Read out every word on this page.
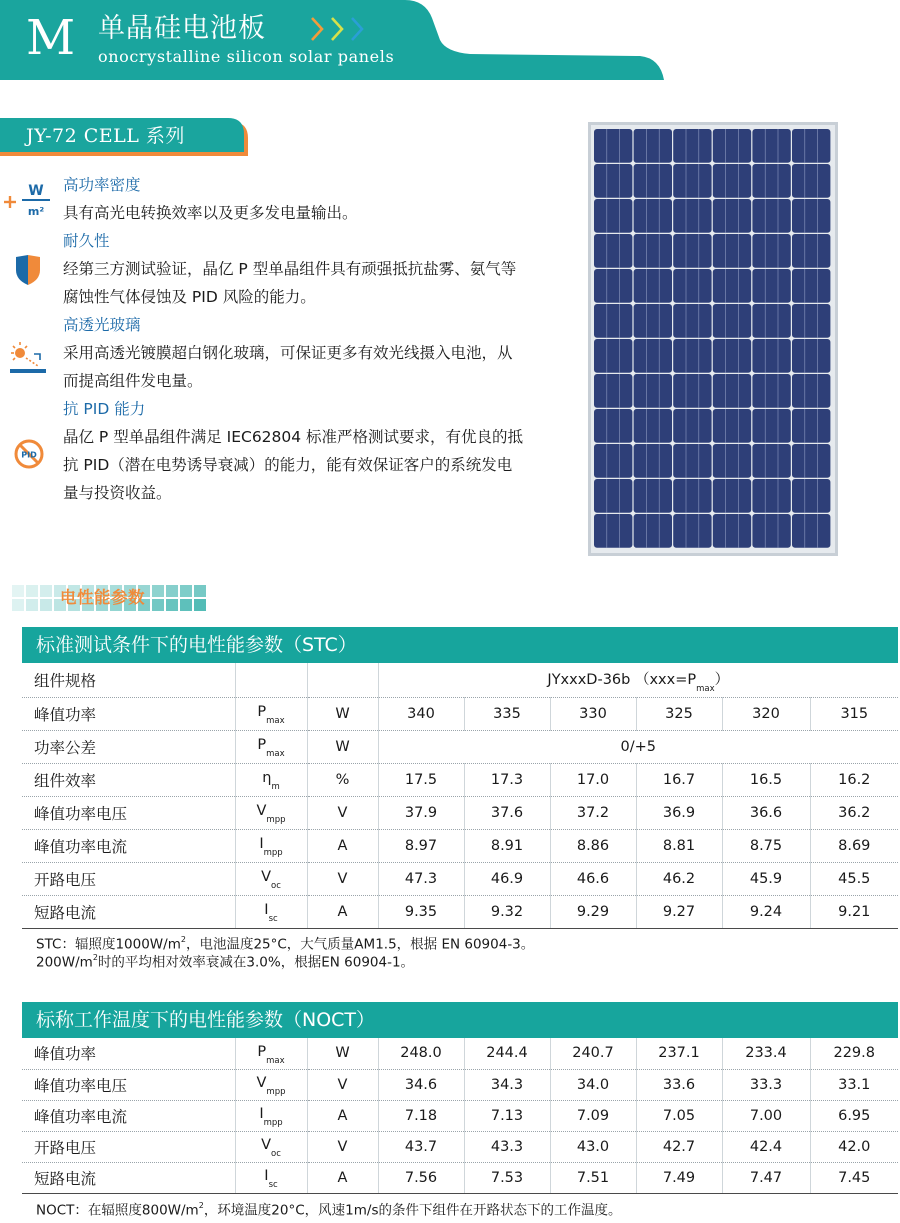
M 单晶硅电池板
onocrystalline silicon solar panels
JY-72 CELL 系列
W
m²
高功率密度
具有高光电转换效率以及更多发电量输出。
耐久性
经第三方测试验证，晶亿 P 型单晶组件具有顽强抵抗盐雾、氨气等
腐蚀性气体侵蚀及 PID 风险的能力。
高透光玻璃
采用高透光镀膜超白钢化玻璃，可保证更多有效光线摄入电池，从
而提高组件发电量。
PID
抗 PID 能力
晶亿 P 型单晶组件满足 IEC62804 标准严格测试要求，有优良的抵
抗 PID（潜在电势诱导衰减）的能力，能有效保证客户的系统发电
量与投资收益。
电性能参数
标准测试条件下的电性能参数（STC）
组件规格			JYxxxD-36b $(xxx=P_{max})$					
峰值功率	$P_{max}$	W	340	335	330	325	320	315
功率公差	$P_{max}$	W	0/+5					
组件效率	$\eta_m$	%	17.5	17.3	17.0	16.7	16.5	16.2
峰值功率电压	$V_{mpp}$	V	37.9	37.6	37.2	36.9	36.6	36.2
峰值功率电流	$I_{mpp}$	A	8.97	8.91	8.86	8.81	8.75	8.69
开路电压	$V_{oc}$	V	47.3	46.9	46.6	46.2	45.9	45.5
短路电流	$I_{sc}$	A	9.35	9.32	9.29	9.27	9.24	9.21
STC：辐照度$1000W/m^2$，电池温度25°C，大气质量AM1.5，根据 EN 60904-3。
$200W/m^2$时的平均相对效率衰减在3.0%，根据EN 60904-1。
标称工作温度下的电性能参数（NOCT）
峰值功率	$P_{max}$	W	248.0	244.4	240.7	237.1	233.4	229.8
峰值功率电压	$V_{mpp}$	V	34.6	34.3	34.0	33.6	33.3	33.1
峰值功率电流	$I_{mpp}$	A	7.18	7.13	7.09	7.05	7.00	6.95
开路电压	$V_{oc}$	V	43.7	43.3	43.0	42.7	42.4	42.0
短路电流	$I_{sc}$	A	7.56	7.53	7.51	7.49	7.47	7.45
NOCT：在辐照度$800W/m^2$，环境温度20°C，风速1m/s的条件下组件在开路状态下的工作温度。
